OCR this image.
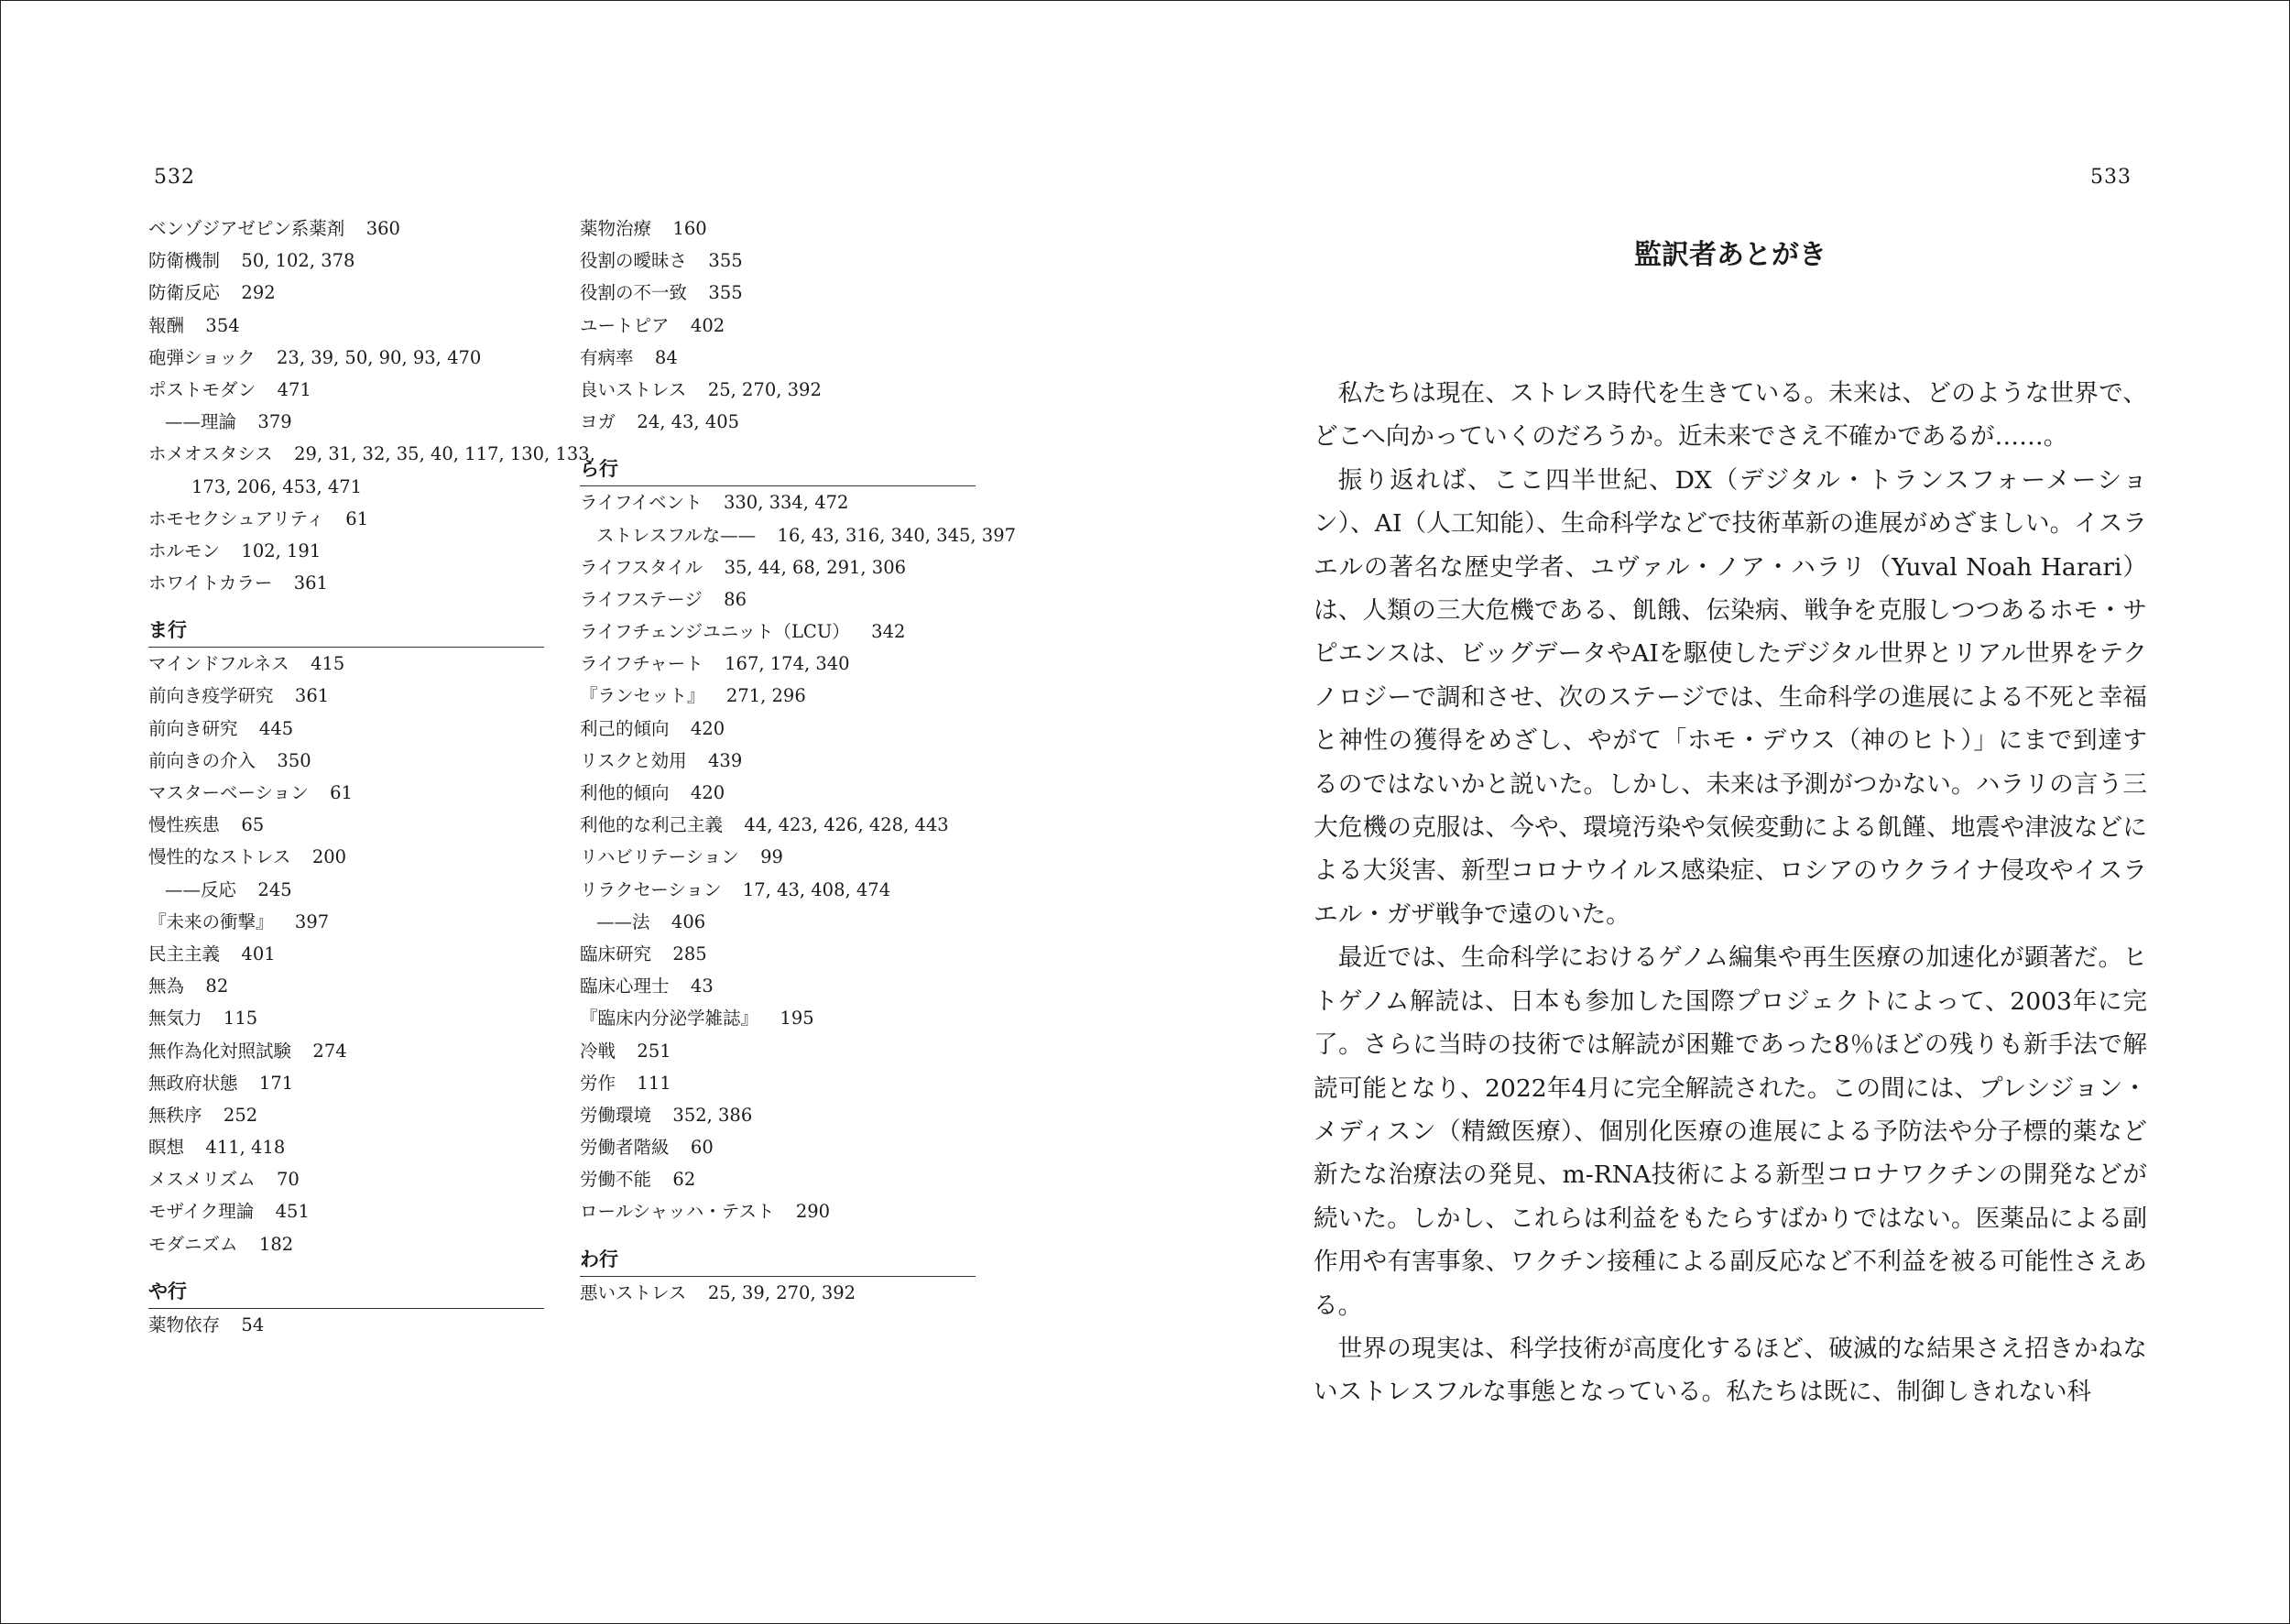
532	533
ベンゾジアゼピン系薬剤 360
防衛機制 50, 102, 378
防衛反応 292
報酬 354
砲弾ショック 23, 39, 50, 90, 93, 470
ポストモダン 471
——理論 379
ホメオスタシス 29, 31, 32, 35, 40, 117, 130, 133,
173, 206, 453, 471
ホモセクシュアリティ 61
ホルモン 102, 191
ホワイトカラー 361
ま行
マインドフルネス 415
前向き疫学研究 361
前向き研究 445
前向きの介入 350
マスターベーション 61
慢性疾患 65
慢性的なストレス 200
——反応 245
『未来の衝撃』 397
民主主義 401
無為 82
無気力 115
無作為化対照試験 274
無政府状態 171
無秩序 252
瞑想 411, 418
メスメリズム 70
モザイク理論 451
モダニズム 182
や行
薬物依存 54
薬物治療 160
役割の曖昧さ 355
役割の不一致 355
ユートピア 402
有病率 84
良いストレス 25, 270, 392
ヨガ 24, 43, 405
ら行
ライフイベント 330, 334, 472
ストレスフルな—— 16, 43, 316, 340, 345, 397
ライフスタイル 35, 44, 68, 291, 306
ライフステージ 86
ライフチェンジユニット（LCU） 342
ライフチャート 167, 174, 340
『ランセット』 271, 296
利己的傾向 420
リスクと効用 439
利他的傾向 420
利他的な利己主義 44, 423, 426, 428, 443
リハビリテーション 99
リラクセーション 17, 43, 408, 474
——法 406
臨床研究 285
臨床心理士 43
『臨床内分泌学雑誌』 195
冷戦 251
労作 111
労働環境 352, 386
労働者階級 60
労働不能 62
ロールシャッハ・テスト 290
わ行
悪いストレス 25, 39, 270, 392
監訳者あとがき

私たちは現在、ストレス時代を生きている。未来は、どのような世界で、どこへ向かっていくのだろうか。近未来でさえ不確かであるが……。

振り返れば、ここ四半世紀、DX（デジタル・トランスフォーメーション）、AI（人工知能）、生命科学などで技術革新の進展がめざましい。イスラエルの著名な歴史学者、ユヴァル・ノア・ハラリ（Yuval Noah Harari）は、人類の三大危機である、飢餓、伝染病、戦争を克服しつつあるホモ・サピエンスは、ビッグデータやAIを駆使したデジタル世界とリアル世界をテクノロジーで調和させ、次のステージでは、生命科学の進展による不死と幸福と神性の獲得をめざし、やがて「ホモ・デウス（神のヒト）」にまで到達するのではないかと説いた。しかし、未来は予測がつかない。ハラリの言う三大危機の克服は、今や、環境汚染や気候変動による飢饉、地震や津波などによる大災害、新型コロナウイルス感染症、ロシアのウクライナ侵攻やイスラエル・ガザ戦争で遠のいた。

最近では、生命科学におけるゲノム編集や再生医療の加速化が顕著だ。ヒトゲノム解読は、日本も参加した国際プロジェクトによって、2003年に完了。さらに当時の技術では解読が困難であった8％ほどの残りも新手法で解読可能となり、2022年4月に完全解読された。この間には、プレシジョン・メディスン（精緻医療）、個別化医療の進展による予防法や分子標的薬など新たな治療法の発見、m-RNA技術による新型コロナワクチンの開発などが続いた。しかし、これらは利益をもたらすばかりではない。医薬品による副作用や有害事象、ワクチン接種による副反応など不利益を被る可能性さえある。

世界の現実は、科学技術が高度化するほど、破滅的な結果さえ招きかねないストレスフルな事態となっている。私たちは既に、制御しきれない科
